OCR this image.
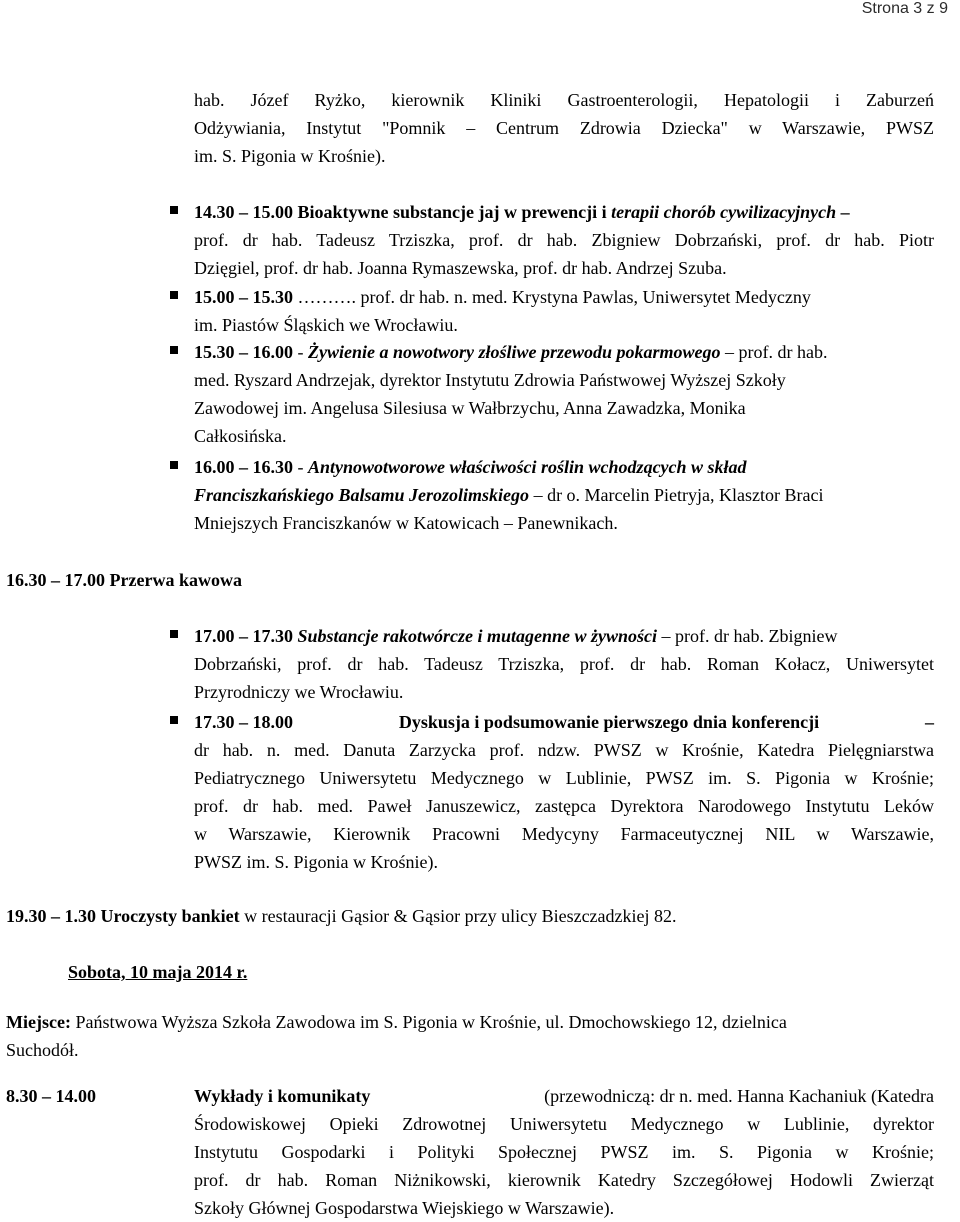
Strona 3 z 9
hab. Józef Ryżko, kierownik Kliniki Gastroenterologii, Hepatologii i Zaburzeń
Odżywiania, Instytut "Pomnik – Centrum Zdrowia Dziecka" w Warszawie, PWSZ
im. S. Pigonia w Krośnie).
14.30 – 15.00 Bioaktywne substancje jaj w prewencji i terapii chorób cywilizacyjnych –
prof. dr hab. Tadeusz Trziszka, prof. dr hab. Zbigniew Dobrzański, prof. dr hab. Piotr
Dzięgiel, prof. dr hab. Joanna Rymaszewska, prof. dr hab. Andrzej Szuba.
15.00 – 15.30 ………. prof. dr hab. n. med. Krystyna Pawlas, Uniwersytet Medyczny
im. Piastów Śląskich we Wrocławiu.
15.30 – 16.00 - Żywienie a nowotwory złośliwe przewodu pokarmowego – prof. dr hab.
med. Ryszard Andrzejak, dyrektor Instytutu Zdrowia Państwowej Wyższej Szkoły
Zawodowej im. Angelusa Silesiusa w Wałbrzychu, Anna Zawadzka, Monika
Całkosińska.
16.00 – 16.30 - Antynowotworowe właściwości roślin wchodzących w skład
Franciszkańskiego Balsamu Jerozolimskiego – dr o. Marcelin Pietryja, Klasztor Braci
Mniejszych Franciszkanów w Katowicach – Panewnikach.
16.30 – 17.00 Przerwa kawowa
17.00 – 17.30 Substancje rakotwórcze i mutagenne w żywności – prof. dr hab. Zbigniew
Dobrzański, prof. dr hab. Tadeusz Trziszka, prof. dr hab. Roman Kołacz, Uniwersytet
Przyrodniczy we Wrocławiu.
17.30 – 18.00	Dyskusja i podsumowanie pierwszego dnia konferencji	–
dr hab. n. med. Danuta Zarzycka prof. ndzw. PWSZ w Krośnie, Katedra Pielęgniarstwa
Pediatrycznego Uniwersytetu Medycznego w Lublinie, PWSZ im. S. Pigonia w Krośnie;
prof. dr hab. med. Paweł Januszewicz, zastępca Dyrektora Narodowego Instytutu Leków
w Warszawie, Kierownik Pracowni Medycyny Farmaceutycznej NIL w Warszawie,
PWSZ im. S. Pigonia w Krośnie).
19.30 – 1.30 Uroczysty bankiet w restauracji Gąsior & Gąsior przy ulicy Bieszczadzkiej 82.
Sobota, 10 maja 2014 r.
Miejsce: Państwowa Wyższa Szkoła Zawodowa im S. Pigonia w Krośnie, ul. Dmochowskiego 12, dzielnica
Suchodół.
8.30 – 14.00	Wykłady i komunikaty	(przewodniczą: dr n. med. Hanna Kachaniuk (Katedra
Środowiskowej Opieki Zdrowotnej Uniwersytetu Medycznego w Lublinie, dyrektor
Instytutu Gospodarki i Polityki Społecznej PWSZ im. S. Pigonia w Krośnie;
prof. dr hab. Roman Niżnikowski, kierownik Katedry Szczegółowej Hodowli Zwierząt
Szkoły Głównej Gospodarstwa Wiejskiego w Warszawie).
